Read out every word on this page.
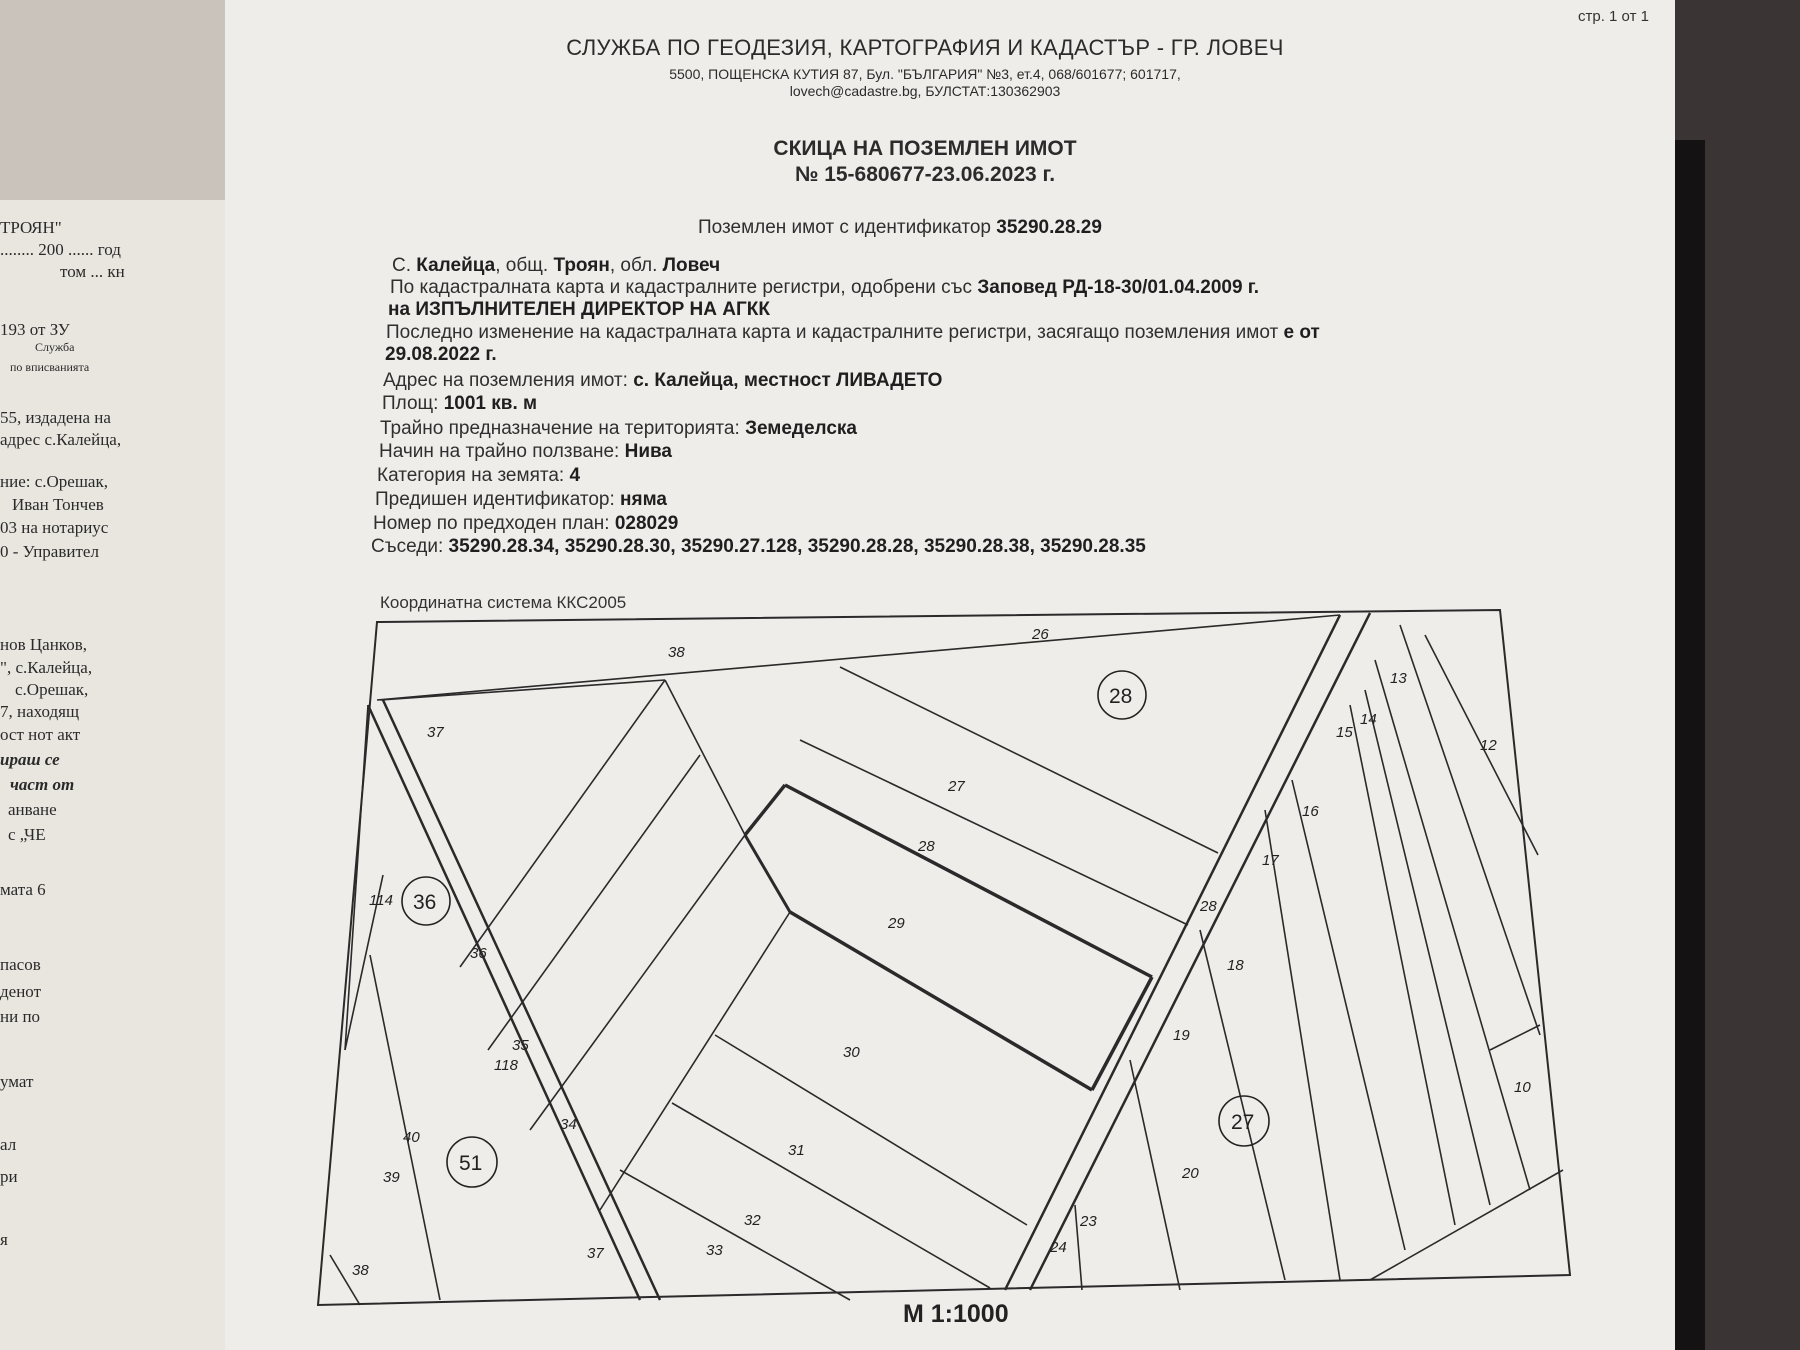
ТРОЯН"
........ 200 ...... год
том ... кн
193 от ЗУ
Служба
по вписванията
55, издадена на
адрес с.Калейца,
ние: с.Орешак,
Иван Тончев
03 на нотариус
0 - Управител
нов Цанков,
", с.Калейца,
с.Орешак,
7, находящ
ост нот акт
ираш се
част от
анване
с „ЧЕ
мата 6
пасов
денот
ни по
умат
ал
ри
я
стр. 1 от 1
СЛУЖБА ПО ГЕОДЕЗИЯ, КАРТОГРАФИЯ И КАДАСТЪР - ГР. ЛОВЕЧ
5500, ПОЩЕНСКА КУТИЯ 87, Бул. "БЪЛГАРИЯ" №3, ет.4, 068/601677; 601717,
lovech@cadastre.bg, БУЛСТАТ:130362903
СКИЦА НА ПОЗЕМЛЕН ИМОТ
№ 15-680677-23.06.2023 г.
Поземлен имот с идентификатор 35290.28.29
С. Калейца, общ. Троян, обл. Ловеч
По кадастралната карта и кадастралните регистри, одобрени със Заповед РД-18-30/01.04.2009 г.
на ИЗПЪЛНИТЕЛЕН ДИРЕКТОР НА АГКК
Последно изменение на кадастралната карта и кадастралните регистри, засягащо поземления имот е от
29.08.2022 г.
Адрес на поземления имот: с. Калейца, местност ЛИВАДЕТО
Площ: 1001 кв. м
Трайно предназначение на територията: Земеделска
Начин на трайно ползване: Нива
Категория на земята: 4
Предишен идентификатор: няма
Номер по предходен план: 028029
Съседи: 35290.28.34, 35290.28.30, 35290.27.128, 35290.28.28, 35290.28.38, 35290.28.35
Координатна система ККС2005
М 1:1000
38
26
37
27
28
29
30
31
32
33
36
35
34
37
38
39
40
114
118
13
12
14
15
16
17
28
18
19
20
10
23
24
28
36
51
27
